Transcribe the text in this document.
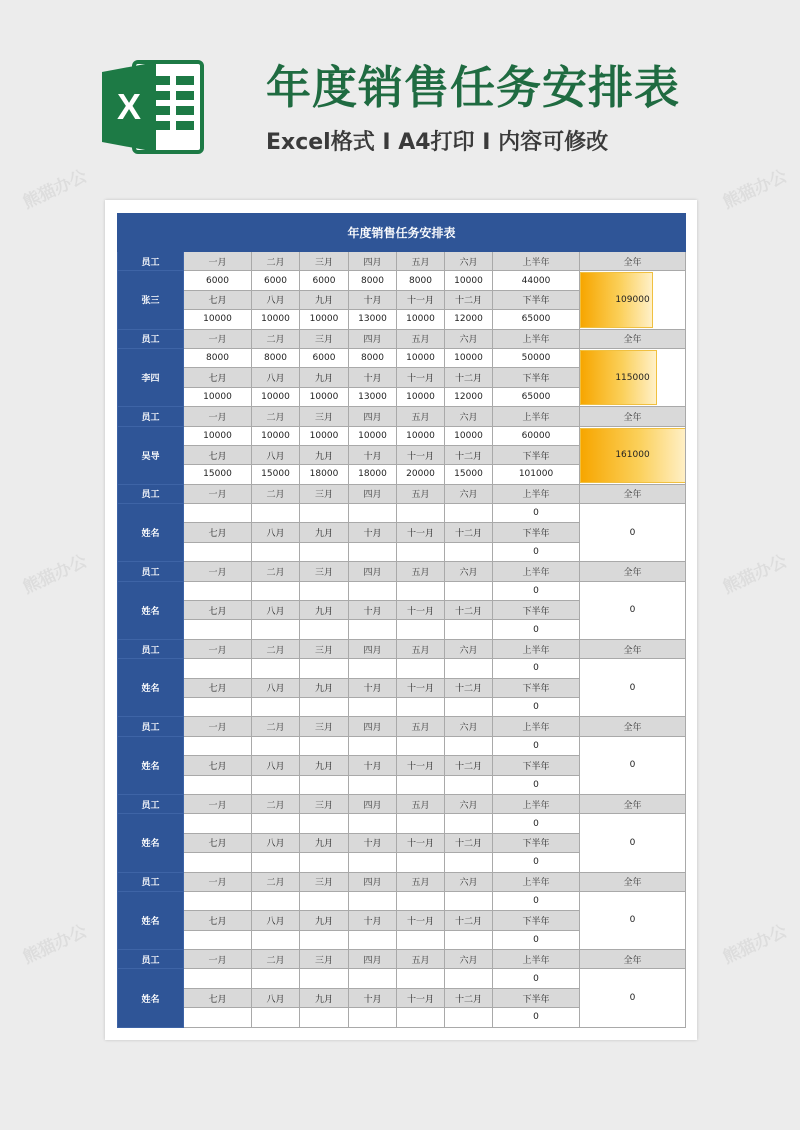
X	年度销售任务安排表
Excel格式 I A4打印 I 内容可修改
年度销售任务安排表								
员工	一月	二月	三月	四月	五月	六月	上半年	全年
张三	6000	6000	6000	8000	8000	10000	44000	109000
	七月	八月	九月	十月	十一月	十二月	下半年	
	10000	10000	10000	13000	10000	12000	65000	
员工	一月	二月	三月	四月	五月	六月	上半年	全年
李四	8000	8000	6000	8000	10000	10000	50000	115000
	七月	八月	九月	十月	十一月	十二月	下半年	
	10000	10000	10000	13000	10000	12000	65000	
员工	一月	二月	三月	四月	五月	六月	上半年	全年
吴导	10000	10000	10000	10000	10000	10000	60000	161000
	七月	八月	九月	十月	十一月	十二月	下半年	
	15000	15000	18000	18000	20000	15000	101000	
员工	一月	二月	三月	四月	五月	六月	上半年	全年
姓名							0	0
	七月	八月	九月	十月	十一月	十二月	下半年	
							0	
员工	一月	二月	三月	四月	五月	六月	上半年	全年
姓名							0	0
	七月	八月	九月	十月	十一月	十二月	下半年	
							0	
员工	一月	二月	三月	四月	五月	六月	上半年	全年
姓名							0	0
	七月	八月	九月	十月	十一月	十二月	下半年	
							0	
员工	一月	二月	三月	四月	五月	六月	上半年	全年
姓名							0	0
	七月	八月	九月	十月	十一月	十二月	下半年	
							0	
员工	一月	二月	三月	四月	五月	六月	上半年	全年
姓名							0	0
	七月	八月	九月	十月	十一月	十二月	下半年	
							0	
员工	一月	二月	三月	四月	五月	六月	上半年	全年
姓名							0	0
	七月	八月	九月	十月	十一月	十二月	下半年	
							0	
员工	一月	二月	三月	四月	五月	六月	上半年	全年
姓名							0	0
	七月	八月	九月	十月	十一月	十二月	下半年	
							0	
熊猫办公	熊猫办公
熊猫办公	熊猫办公
熊猫办公	熊猫办公
